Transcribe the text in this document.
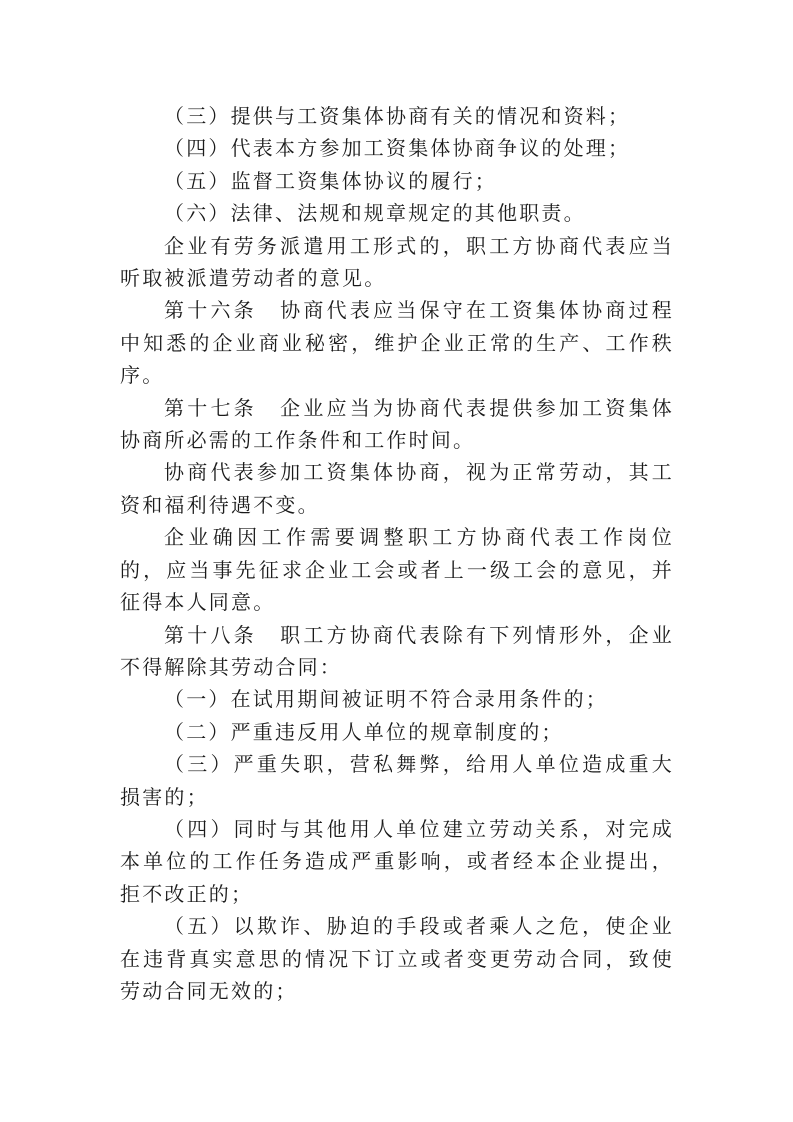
（三）提供与工资集体协商有关的情况和资料；

（四）代表本方参加工资集体协商争议的处理；

（五）监督工资集体协议的履行；

（六）法律、法规和规章规定的其他职责。

企业有劳务派遣用工形式的，职工方协商代表应当听取被派遣劳动者的意见。

第十六条　协商代表应当保守在工资集体协商过程中知悉的企业商业秘密，维护企业正常的生产、工作秩序。

第十七条　企业应当为协商代表提供参加工资集体协商所必需的工作条件和工作时间。

协商代表参加工资集体协商，视为正常劳动，其工资和福利待遇不变。

企业确因工作需要调整职工方协商代表工作岗位的，应当事先征求企业工会或者上一级工会的意见，并征得本人同意。

第十八条　职工方协商代表除有下列情形外，企业不得解除其劳动合同：

（一）在试用期间被证明不符合录用条件的；

（二）严重违反用人单位的规章制度的；

（三）严重失职，营私舞弊，给用人单位造成重大损害的；

（四）同时与其他用人单位建立劳动关系，对完成本单位的工作任务造成严重影响，或者经本企业提出，拒不改正的；

（五）以欺诈、胁迫的手段或者乘人之危，使企业在违背真实意思的情况下订立或者变更劳动合同，致使劳动合同无效的；
